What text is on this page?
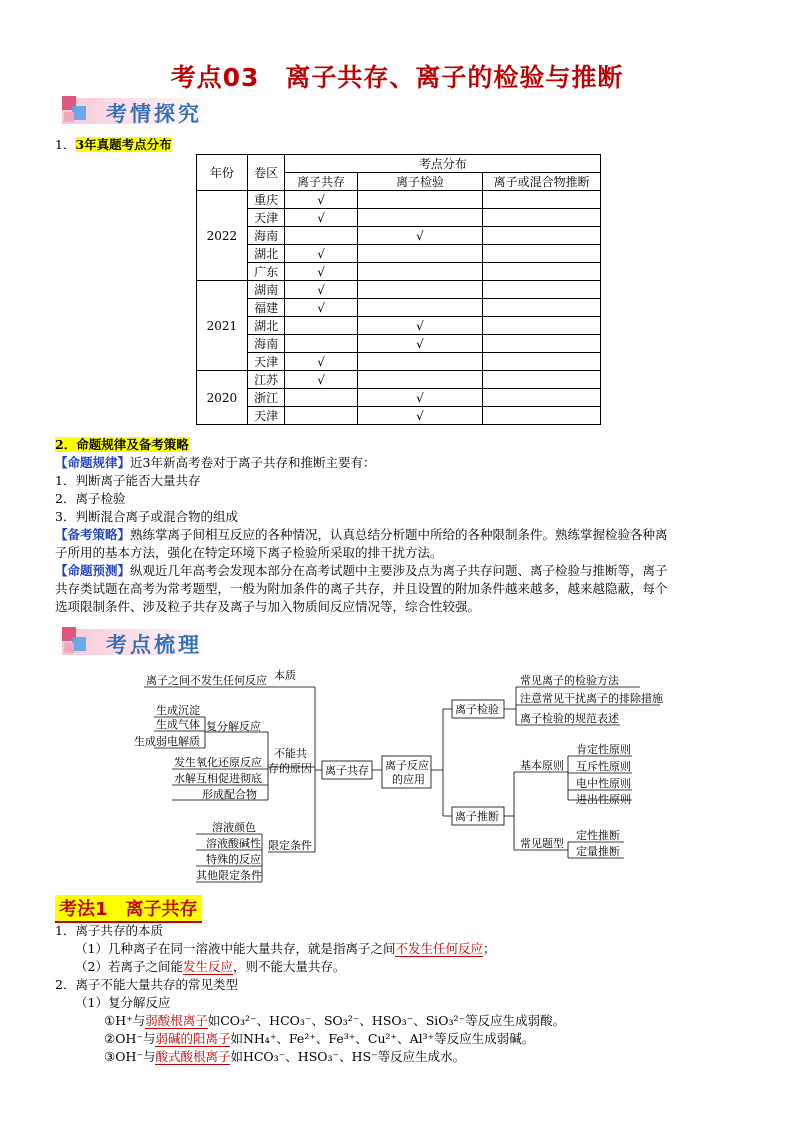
考点03　离子共存、离子的检验与推断
考情探究
1．3年真题考点分布
年份	卷区	考点分布		
		离子共存	离子检验	离子或混合物推断
2022	重庆	√		
	天津	√		
	海南		√	
	湖北	√		
	广东	√		
2021	湖南	√		
	福建	√		
	湖北		√	
	海南		√	
	天津	√		
2020	江苏	√		
	浙江		√	
	天津		√	
2．命题规律及备考策略
【命题规律】近3年新高考卷对于离子共存和推断主要有：
1．判断离子能否大量共存
2．离子检验
3．判断混合离子或混合物的组成
【备考策略】熟练掌离子间相互反应的各种情况，认真总结分析题中所给的各种限制条件。熟练掌握检验各种离
子所用的基本方法，强化在特定环境下离子检验所采取的排干扰方法。
【命题预测】纵观近几年高考会发现本部分在高考试题中主要涉及点为离子共存问题、离子检验与推断等，离子
共存类试题在高考为常考题型，一般为附加条件的离子共存，并且设置的附加条件越来越多，越来越隐蔽，每个
选项限制条件、涉及粒子共存及离子与加入物质间反应情况等，综合性较强。
考点梳理
本质
离子之间不发生任何反应
生成沉淀
生成气体
生成弱电解质
复分解反应
发生氧化还原反应
水解互相促进彻底
形成配合物
不能共
存的原因
溶液颜色
溶液酸碱性
特殊的反应
其他限定条件
限定条件
离子共存 离子反应
的应用
离子检验
离子推断
常见离子的检验方法
注意常见干扰离子的排除措施
离子检验的规范表述
基本原则
肯定性原则
互斥性原则
电中性原则
进出性原则
常见题型
定性推断
定量推断
考法1　离子共存
1．离子共存的本质
（1）几种离子在同一溶液中能大量共存，就是指离子之间不发生任何反应；
（2）若离子之间能发生反应，则不能大量共存。
2．离子不能大量共存的常见类型
（1）复分解反应
①H⁺与弱酸根离子如CO₃²⁻、HCO₃⁻、SO₃²⁻、HSO₃⁻、SiO₃²⁻等反应生成弱酸。
②OH⁻与弱碱的阳离子如NH₄⁺、Fe²⁺、Fe³⁺、Cu²⁺、Al³⁺等反应生成弱碱。
③OH⁻与酸式酸根离子如HCO₃⁻、HSO₃⁻、HS⁻等反应生成水。
